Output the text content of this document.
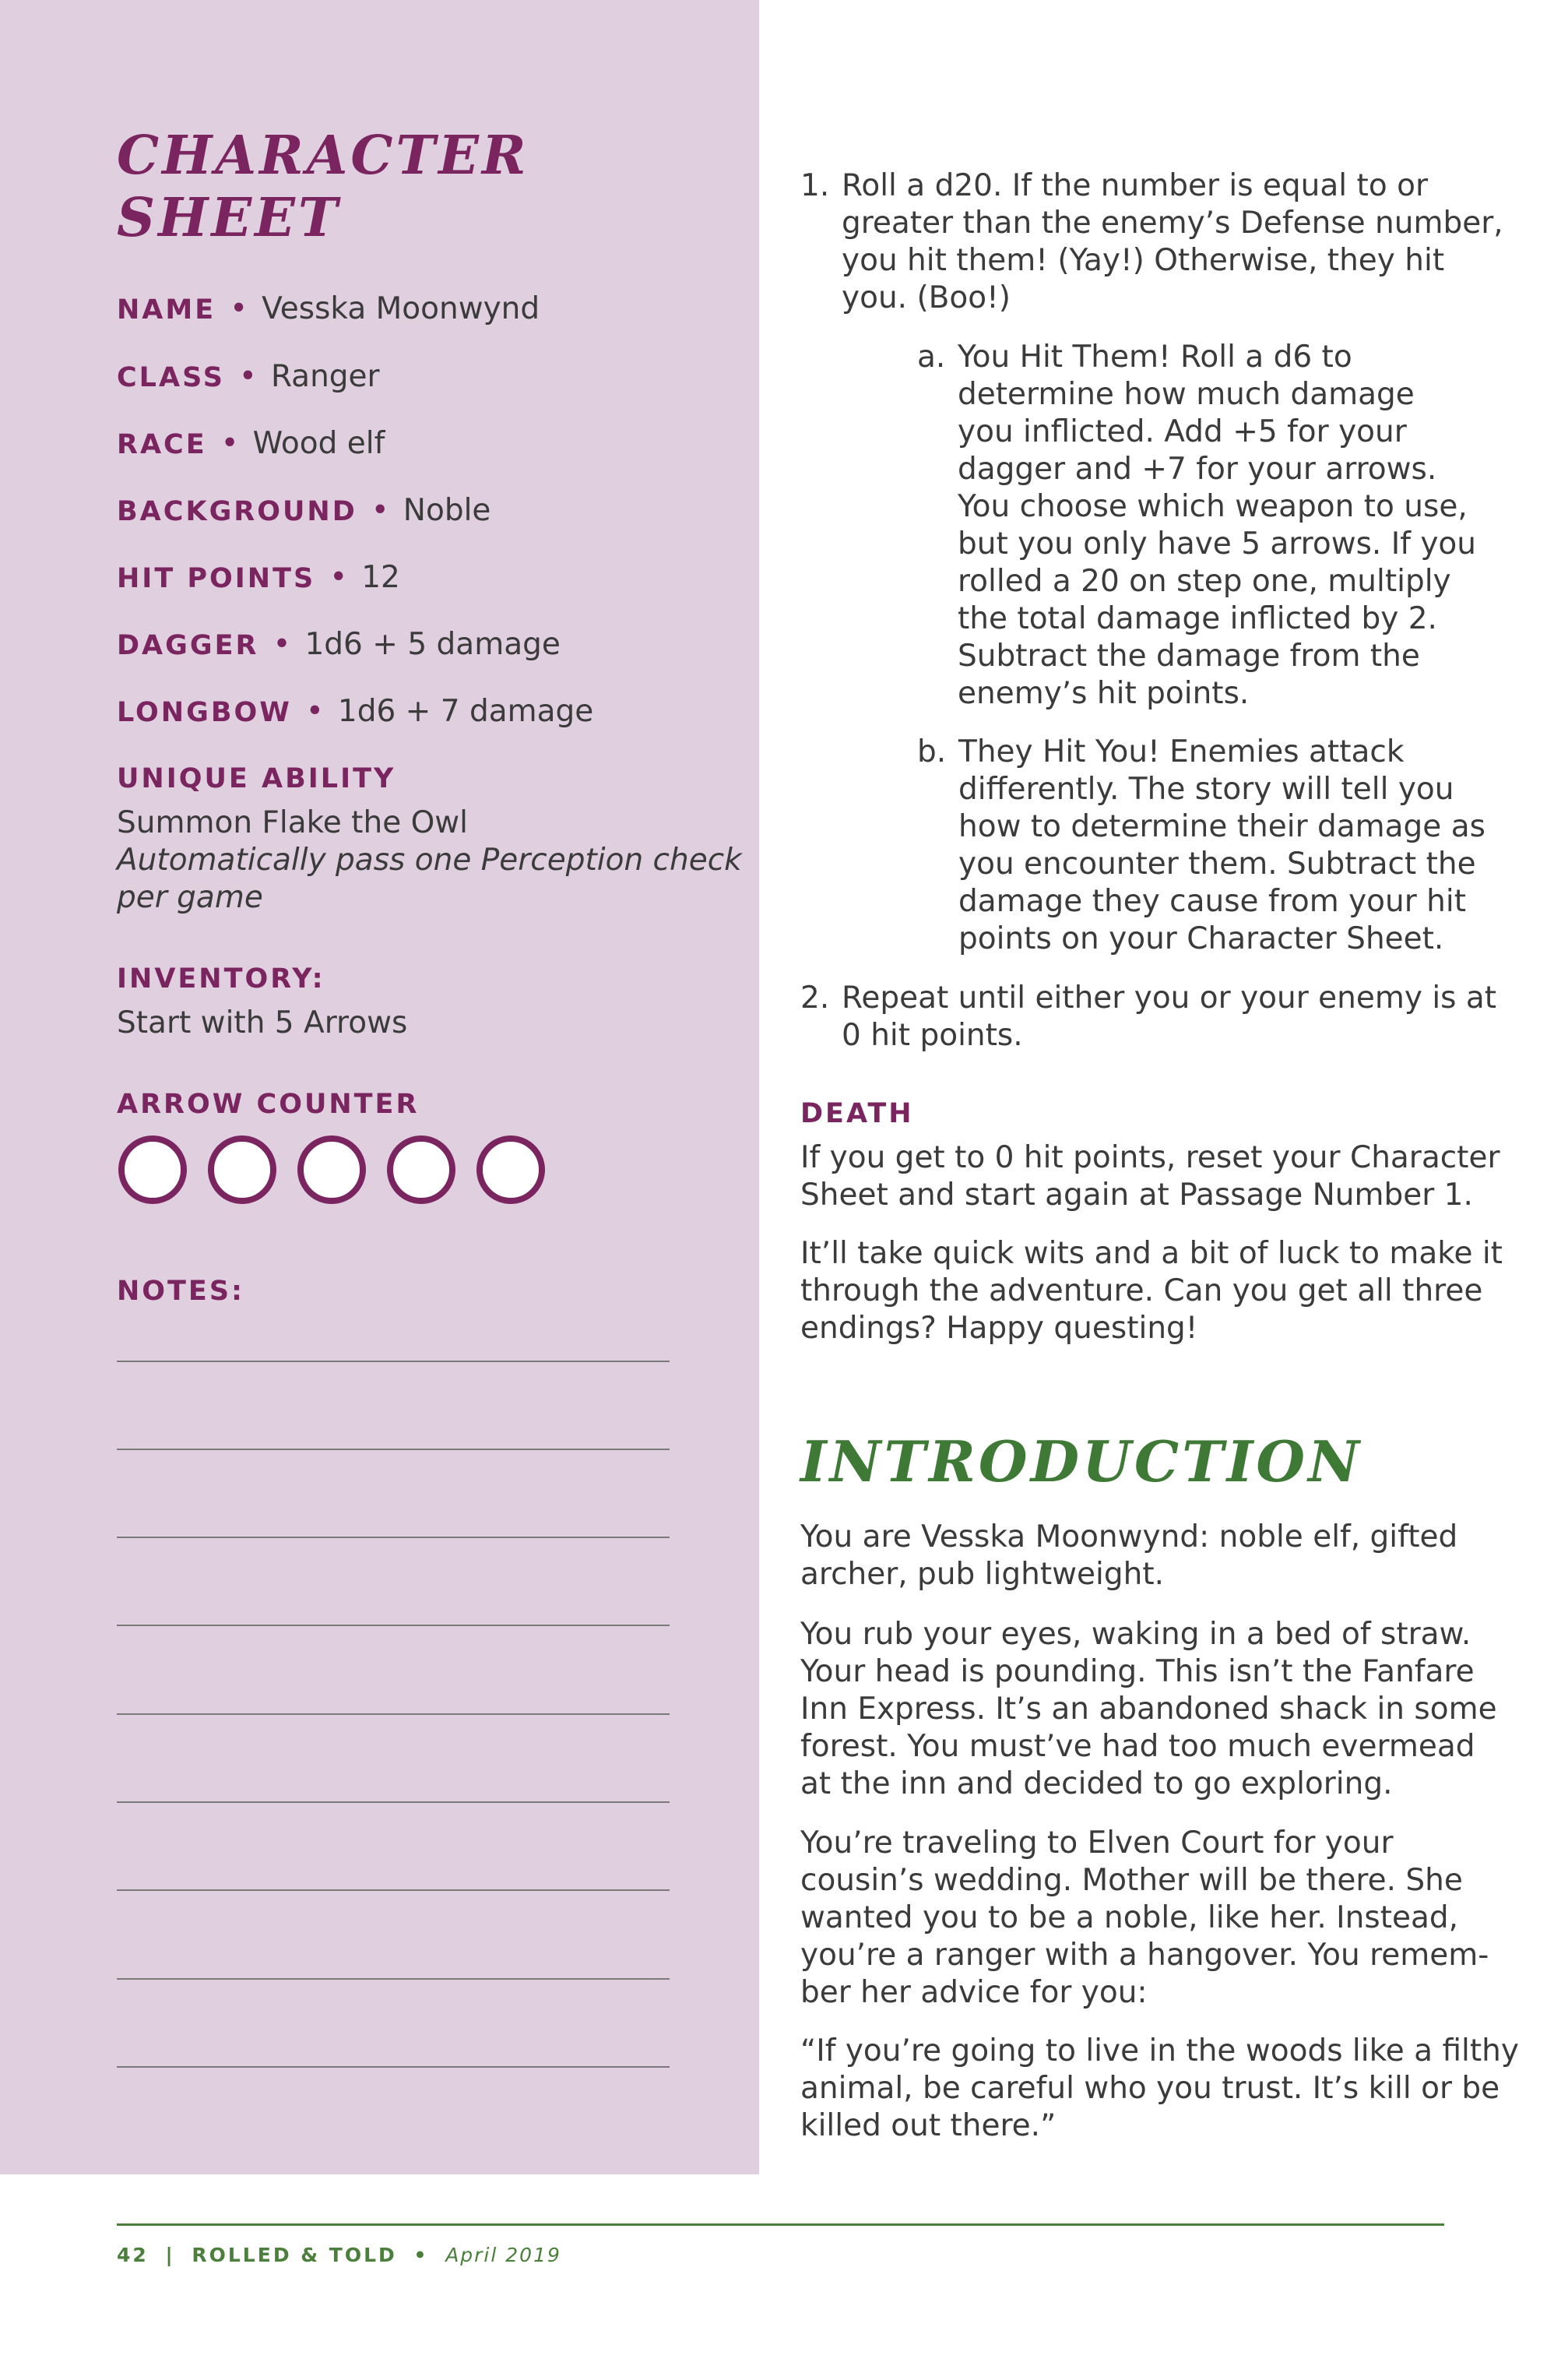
CHARACTER
SHEET
NAME • Vesska Moonwynd
CLASS • Ranger
RACE • Wood elf
BACKGROUND • Noble
HIT POINTS • 12
DAGGER • 1d6 + 5 damage
LONGBOW • 1d6 + 7 damage
UNIQUE ABILITY
Summon Flake the Owl
Automatically pass one Perception check
per game
INVENTORY:
Start with 5 Arrows
ARROW COUNTER
NOTES:
1. Roll a d20. If the number is equal to or
greater than the enemy’s Defense number,
you hit them! (Yay!) Otherwise, they hit
you. (Boo!)
a. You Hit Them! Roll a d6 to
determine how much damage
you inflicted. Add +5 for your
dagger and +7 for your arrows.
You choose which weapon to use,
but you only have 5 arrows. If you
rolled a 20 on step one, multiply
the total damage inflicted by 2.
Subtract the damage from the
enemy’s hit points.
b. They Hit You! Enemies attack
differently. The story will tell you
how to determine their damage as
you encounter them. Subtract the
damage they cause from your hit
points on your Character Sheet.
2. Repeat until either you or your enemy is at
0 hit points.
DEATH
If you get to 0 hit points, reset your Character
Sheet and start again at Passage Number 1.
It’ll take quick wits and a bit of luck to make it
through the adventure. Can you get all three
endings? Happy questing!
INTRODUCTION
You are Vesska Moonwynd: noble elf, gifted
archer, pub lightweight.
You rub your eyes, waking in a bed of straw.
Your head is pounding. This isn’t the Fanfare
Inn Express. It’s an abandoned shack in some
forest. You must’ve had too much evermead
at the inn and decided to go exploring.
You’re traveling to Elven Court for your
cousin’s wedding. Mother will be there. She
wanted you to be a noble, like her. Instead,
you’re a ranger with a hangover. You remem-
ber her advice for you:
“If you’re going to live in the woods like a filthy
animal, be careful who you trust. It’s kill or be
killed out there.”
42 | ROLLED & TOLD • April 2019
